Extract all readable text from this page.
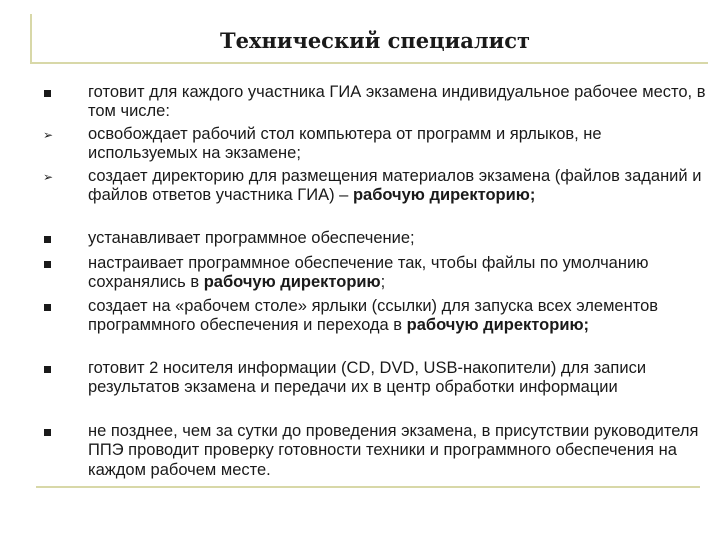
Технический специалист
готовит для каждого участника ГИА экзамена индивидуальное рабочее место, в том числе:
➢	освобождает рабочий стол компьютера от программ и ярлыков, не используемых на экзамене;
➢	создает директорию для размещения материалов экзамена (файлов заданий и файлов ответов участника ГИА) – рабочую директорию;
устанавливает программное обеспечение;
настраивает программное обеспечение так, чтобы файлы по умолчанию сохранялись в рабочую директорию;
создает на «рабочем столе» ярлыки (ссылки) для запуска всех элементов программного обеспечения и перехода в рабочую директорию;
готовит 2 носителя информации (CD, DVD, USB-накопители) для записи результатов экзамена и передачи их в центр обработки информации
не позднее, чем за сутки до проведения экзамена, в присутствии руководителя ППЭ проводит проверку готовности техники и программного обеспечения на каждом рабочем месте.
